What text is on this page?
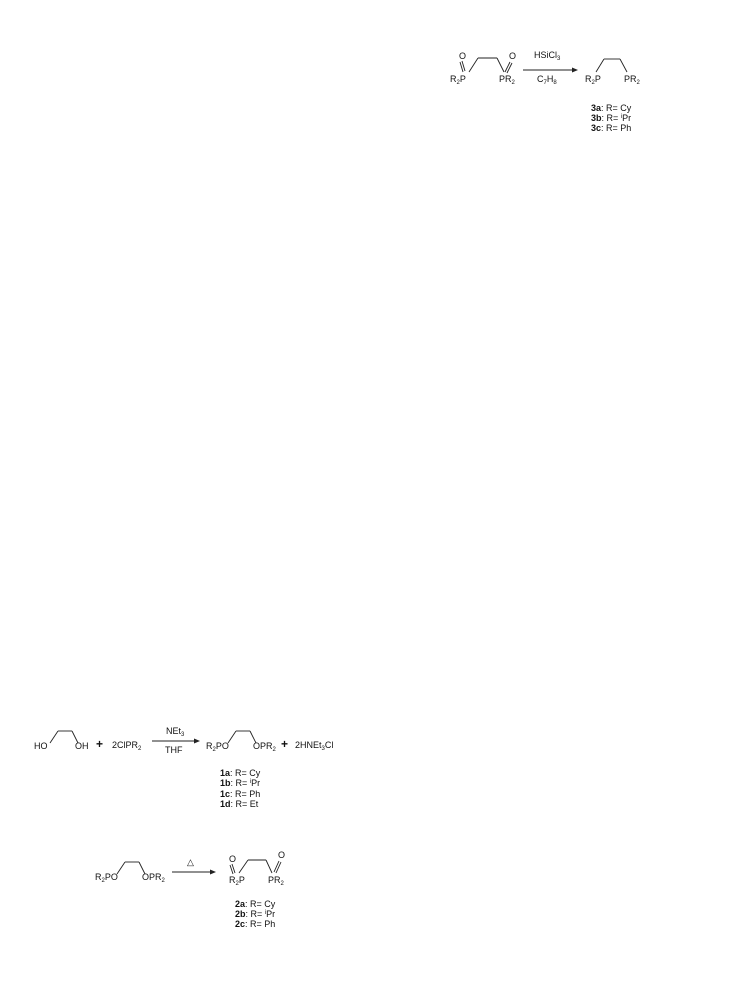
O	O
$R_2P$	$PR_2$
HSiCl$_3$
$C_7H_8$	$R_2P$	$PR_2$
3a: R= Cy
3b: R= $^i$Pr
3c: R= Ph
HO	OH + 2ClPR$_2$
NEt$_3$
THF	$R_2PO$	$OPR_2$ + 2HNEt$_3$Cl
1a: R= Cy
1b: R= $^i$Pr
1c: R= Ph
1d: R= Et
$R_2PO$	$OPR_2$
△	O	O
$R_2P$	$PR_2$
2a: R= Cy
2b: R= $^i$Pr
2c: R= Ph
